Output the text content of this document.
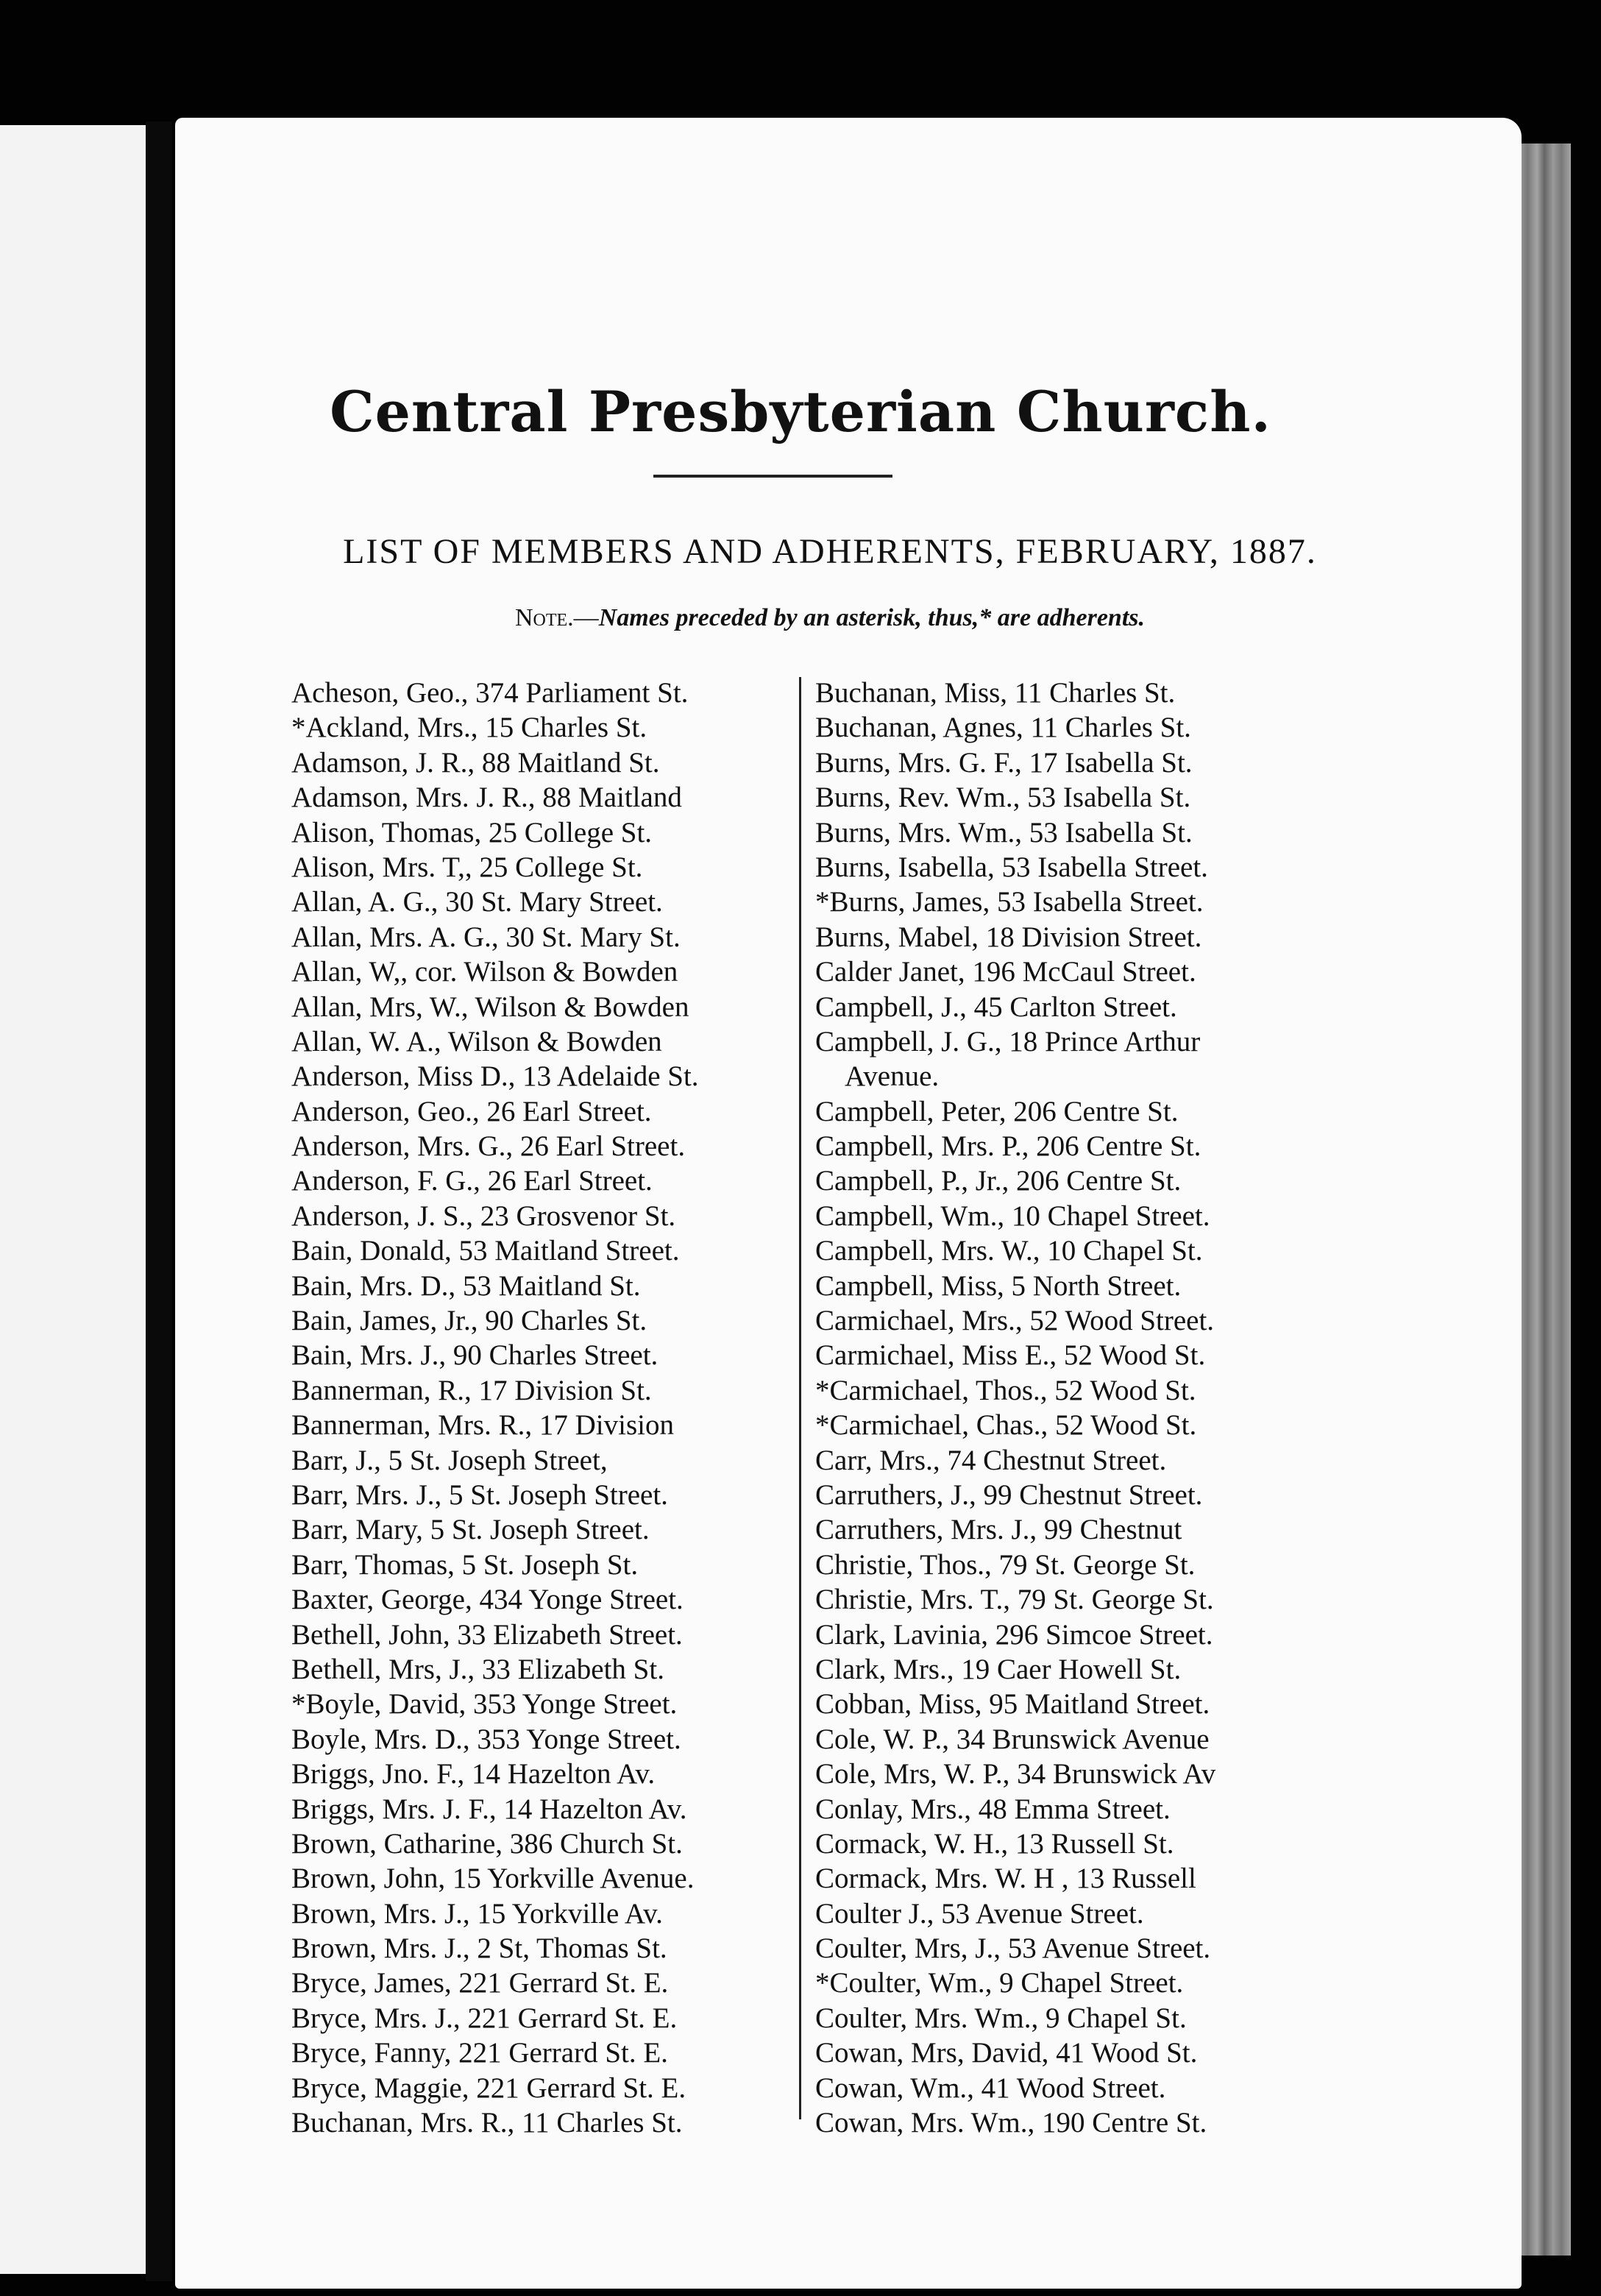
Central Presbyterian Church.
LIST OF MEMBERS AND ADHERENTS, FEBRUARY, 1887.
Note.—Names preceded by an asterisk, thus,* are adherents.
Acheson, Geo., 374 Parliament St.
*Ackland, Mrs., 15 Charles St.
Adamson, J. R., 88 Maitland St.
Adamson, Mrs. J. R., 88 Maitland
Alison, Thomas, 25 College St.
Alison, Mrs. T,, 25 College St.
Allan, A. G., 30 St. Mary Street.
Allan, Mrs. A. G., 30 St. Mary St.
Allan, W,, cor. Wilson & Bowden
Allan, Mrs, W., Wilson & Bowden
Allan, W. A., Wilson & Bowden
Anderson, Miss D., 13 Adelaide St.
Anderson, Geo., 26 Earl Street.
Anderson, Mrs. G., 26 Earl Street.
Anderson, F. G., 26 Earl Street.
Anderson, J. S., 23 Grosvenor St.
Bain, Donald, 53 Maitland Street.
Bain, Mrs. D., 53 Maitland St.
Bain, James, Jr., 90 Charles St.
Bain, Mrs. J., 90 Charles Street.
Bannerman, R., 17 Division St.
Bannerman, Mrs. R., 17 Division
Barr, J., 5 St. Joseph Street,
Barr, Mrs. J., 5 St. Joseph Street.
Barr, Mary, 5 St. Joseph Street.
Barr, Thomas, 5 St. Joseph St.
Baxter, George, 434 Yonge Street.
Bethell, John, 33 Elizabeth Street.
Bethell, Mrs, J., 33 Elizabeth St.
*Boyle, David, 353 Yonge Street.
Boyle, Mrs. D., 353 Yonge Street.
Briggs, Jno. F., 14 Hazelton Av.
Briggs, Mrs. J. F., 14 Hazelton Av.
Brown, Catharine, 386 Church St.
Brown, John, 15 Yorkville Avenue.
Brown, Mrs. J., 15 Yorkville Av.
Brown, Mrs. J., 2 St, Thomas St.
Bryce, James, 221 Gerrard St. E.
Bryce, Mrs. J., 221 Gerrard St. E.
Bryce, Fanny, 221 Gerrard St. E.
Bryce, Maggie, 221 Gerrard St. E.
Buchanan, Mrs. R., 11 Charles St.
Buchanan, Miss, 11 Charles St.
Buchanan, Agnes, 11 Charles St.
Burns, Mrs. G. F., 17 Isabella St.
Burns, Rev. Wm., 53 Isabella St.
Burns, Mrs. Wm., 53 Isabella St.
Burns, Isabella, 53 Isabella Street.
*Burns, James, 53 Isabella Street.
Burns, Mabel, 18 Division Street.
Calder Janet, 196 McCaul Street.
Campbell, J., 45 Carlton Street.
Campbell, J. G., 18 Prince Arthur
Avenue.
Campbell, Peter, 206 Centre St.
Campbell, Mrs. P., 206 Centre St.
Campbell, P., Jr., 206 Centre St.
Campbell, Wm., 10 Chapel Street.
Campbell, Mrs. W., 10 Chapel St.
Campbell, Miss, 5 North Street.
Carmichael, Mrs., 52 Wood Street.
Carmichael, Miss E., 52 Wood St.
*Carmichael, Thos., 52 Wood St.
*Carmichael, Chas., 52 Wood St.
Carr, Mrs., 74 Chestnut Street.
Carruthers, J., 99 Chestnut Street.
Carruthers, Mrs. J., 99 Chestnut
Christie, Thos., 79 St. George St.
Christie, Mrs. T., 79 St. George St.
Clark, Lavinia, 296 Simcoe Street.
Clark, Mrs., 19 Caer Howell St.
Cobban, Miss, 95 Maitland Street.
Cole, W. P., 34 Brunswick Avenue
Cole, Mrs, W. P., 34 Brunswick Av
Conlay, Mrs., 48 Emma Street.
Cormack, W. H., 13 Russell St.
Cormack, Mrs. W. H , 13 Russell
Coulter J., 53 Avenue Street.
Coulter, Mrs, J., 53 Avenue Street.
*Coulter, Wm., 9 Chapel Street.
Coulter, Mrs. Wm., 9 Chapel St.
Cowan, Mrs, David, 41 Wood St.
Cowan, Wm., 41 Wood Street.
Cowan, Mrs. Wm., 190 Centre St.
